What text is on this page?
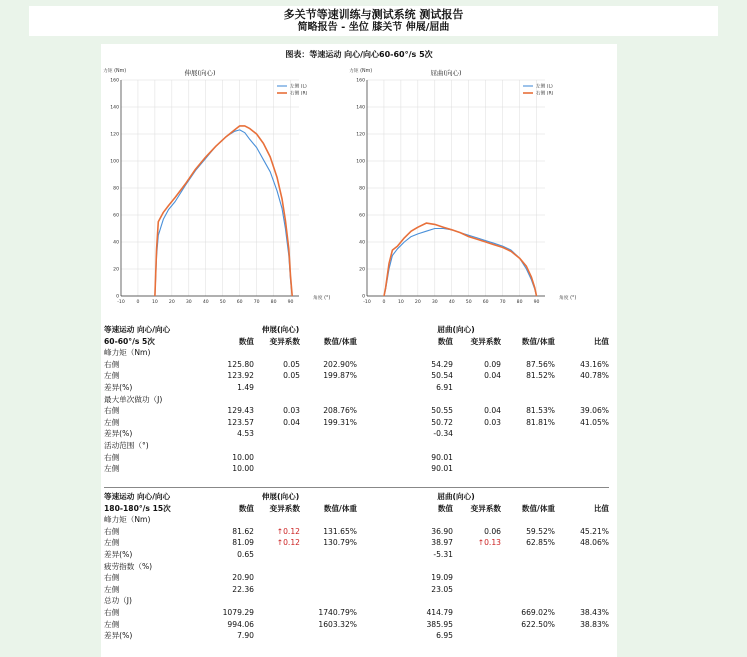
多关节等速训练与测试系统 测试报告
简略报告 - 坐位 膝关节 伸展/屈曲
图表：等速运动 向心/向心60-60°/s 5次
伸展(向心)
力矩 (Nm)
角度 (°)
-10	0	10 20 30 40 50 60 70 80 90
0
20
40
60
80
100
120
140
160
左侧 (L)
右侧 (R)
屈曲(向心)
力矩 (Nm)
角度 (°)
-10	0	10 20 30 40 50 60 70 80 90
0
20
40
60
80
100
120
140
160
左侧 (L)
右侧 (R)
等速运动 向心/向心	伸展(向心)			屈曲(向心)			
60-60°/s 5次	数值	变异系数	数值/体重	数值	变异系数	数值/体重	比值
峰力矩（Nm)							
右侧	125.80	0.05	202.90%	54.29	0.09	87.56%	43.16%
左侧	123.92	0.05	199.87%	50.54	0.04	81.52%	40.78%
差异(%)	1.49			6.91			
最大单次做功（J)							
右侧	129.43	0.03	208.76%	50.55	0.04	81.53%	39.06%
左侧	123.57	0.04	199.31%	50.72	0.03	81.81%	41.05%
差异(%)	4.53			-0.34			
活动范围（°)							
右侧	10.00			90.01			
左侧	10.00			90.01			
等速运动 向心/向心	伸展(向心)			屈曲(向心)			
180-180°/s 15次	数值	变异系数	数值/体重	数值	变异系数	数值/体重	比值
峰力矩（Nm)							
右侧	81.62	↑0.12	131.65%	36.90	0.06	59.52%	45.21%
左侧	81.09	↑0.12	130.79%	38.97	↑0.13	62.85%	48.06%
差异(%)	0.65			-5.31			
疲劳指数（%)							
右侧	20.90			19.09			
左侧	22.36			23.05			
总功（J)							
右侧	1079.29		1740.79%	414.79		669.02%	38.43%
左侧	994.06		1603.32%	385.95		622.50%	38.83%
差异(%)	7.90			6.95			
